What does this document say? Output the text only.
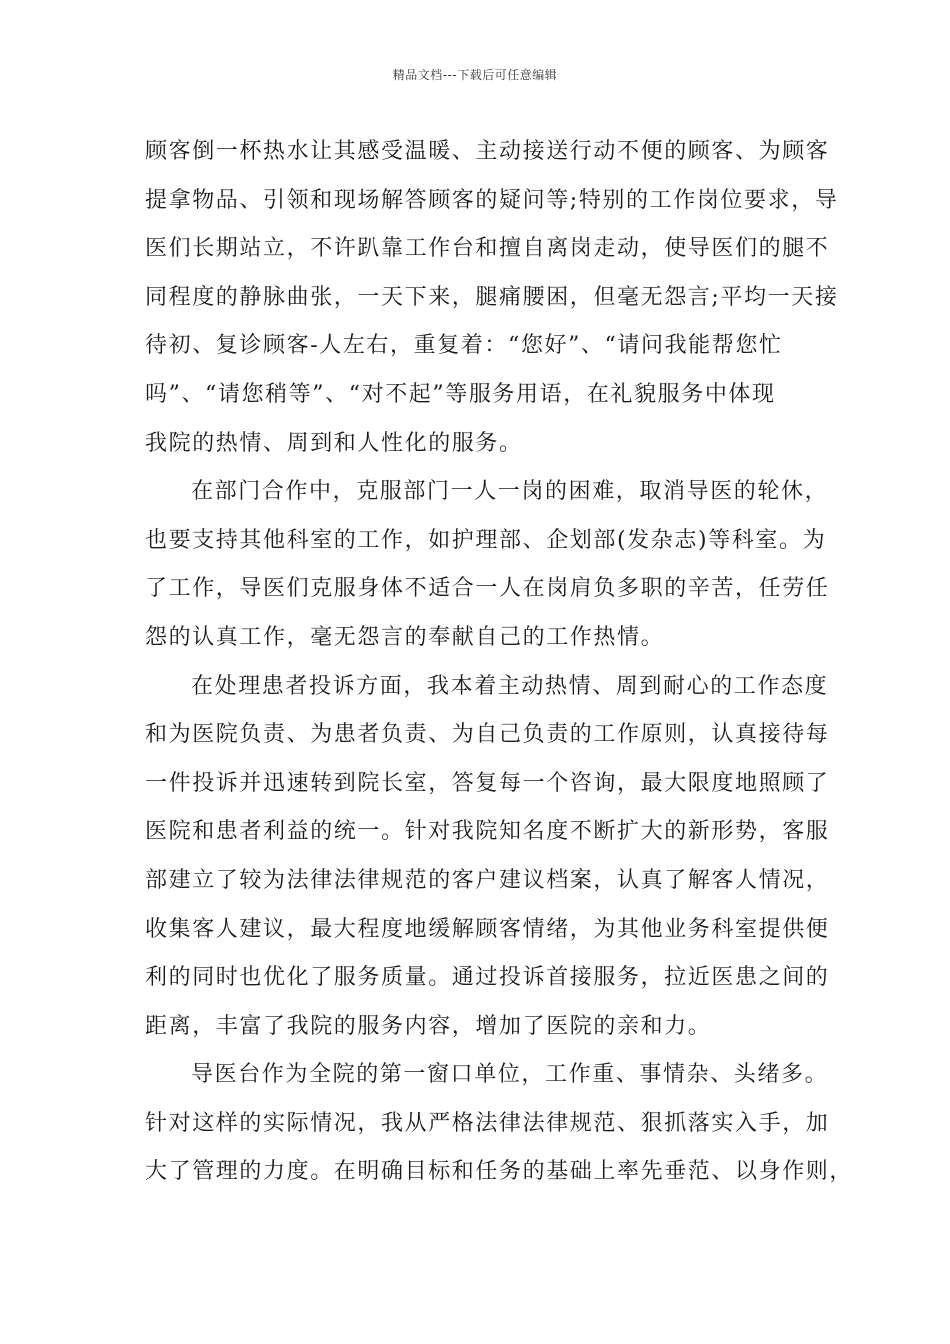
精品文档---下载后可任意编辑
顾客倒一杯热水让其感受温暖、主动接送行动不便的顾客、为顾客
提拿物品、引领和现场解答顾客的疑问等;特别的工作岗位要求，导
医们长期站立，不许趴靠工作台和擅自离岗走动，使导医们的腿不
同程度的静脉曲张，一天下来，腿痛腰困，但毫无怨言;平均一天接
待初、复诊顾客-人左右，重复着：“您好”、“请问我能帮您忙
吗”、“请您稍等”、“对不起”等服务用语，在礼貌服务中体现
我院的热情、周到和人性化的服务。
在部门合作中，克服部门一人一岗的困难，取消导医的轮休，
也要支持其他科室的工作，如护理部、企划部(发杂志)等科室。为
了工作，导医们克服身体不适合一人在岗肩负多职的辛苦，任劳任
怨的认真工作，毫无怨言的奉献自己的工作热情。
在处理患者投诉方面，我本着主动热情、周到耐心的工作态度
和为医院负责、为患者负责、为自己负责的工作原则，认真接待每
一件投诉并迅速转到院长室，答复每一个咨询，最大限度地照顾了
医院和患者利益的统一。针对我院知名度不断扩大的新形势，客服
部建立了较为法律法律规范的客户建议档案，认真了解客人情况，
收集客人建议，最大程度地缓解顾客情绪，为其他业务科室提供便
利的同时也优化了服务质量。通过投诉首接服务，拉近医患之间的
距离，丰富了我院的服务内容，增加了医院的亲和力。
导医台作为全院的第一窗口单位，工作重、事情杂、头绪多。
针对这样的实际情况，我从严格法律法律规范、狠抓落实入手，加
大了管理的力度。在明确目标和任务的基础上率先垂范、以身作则，
